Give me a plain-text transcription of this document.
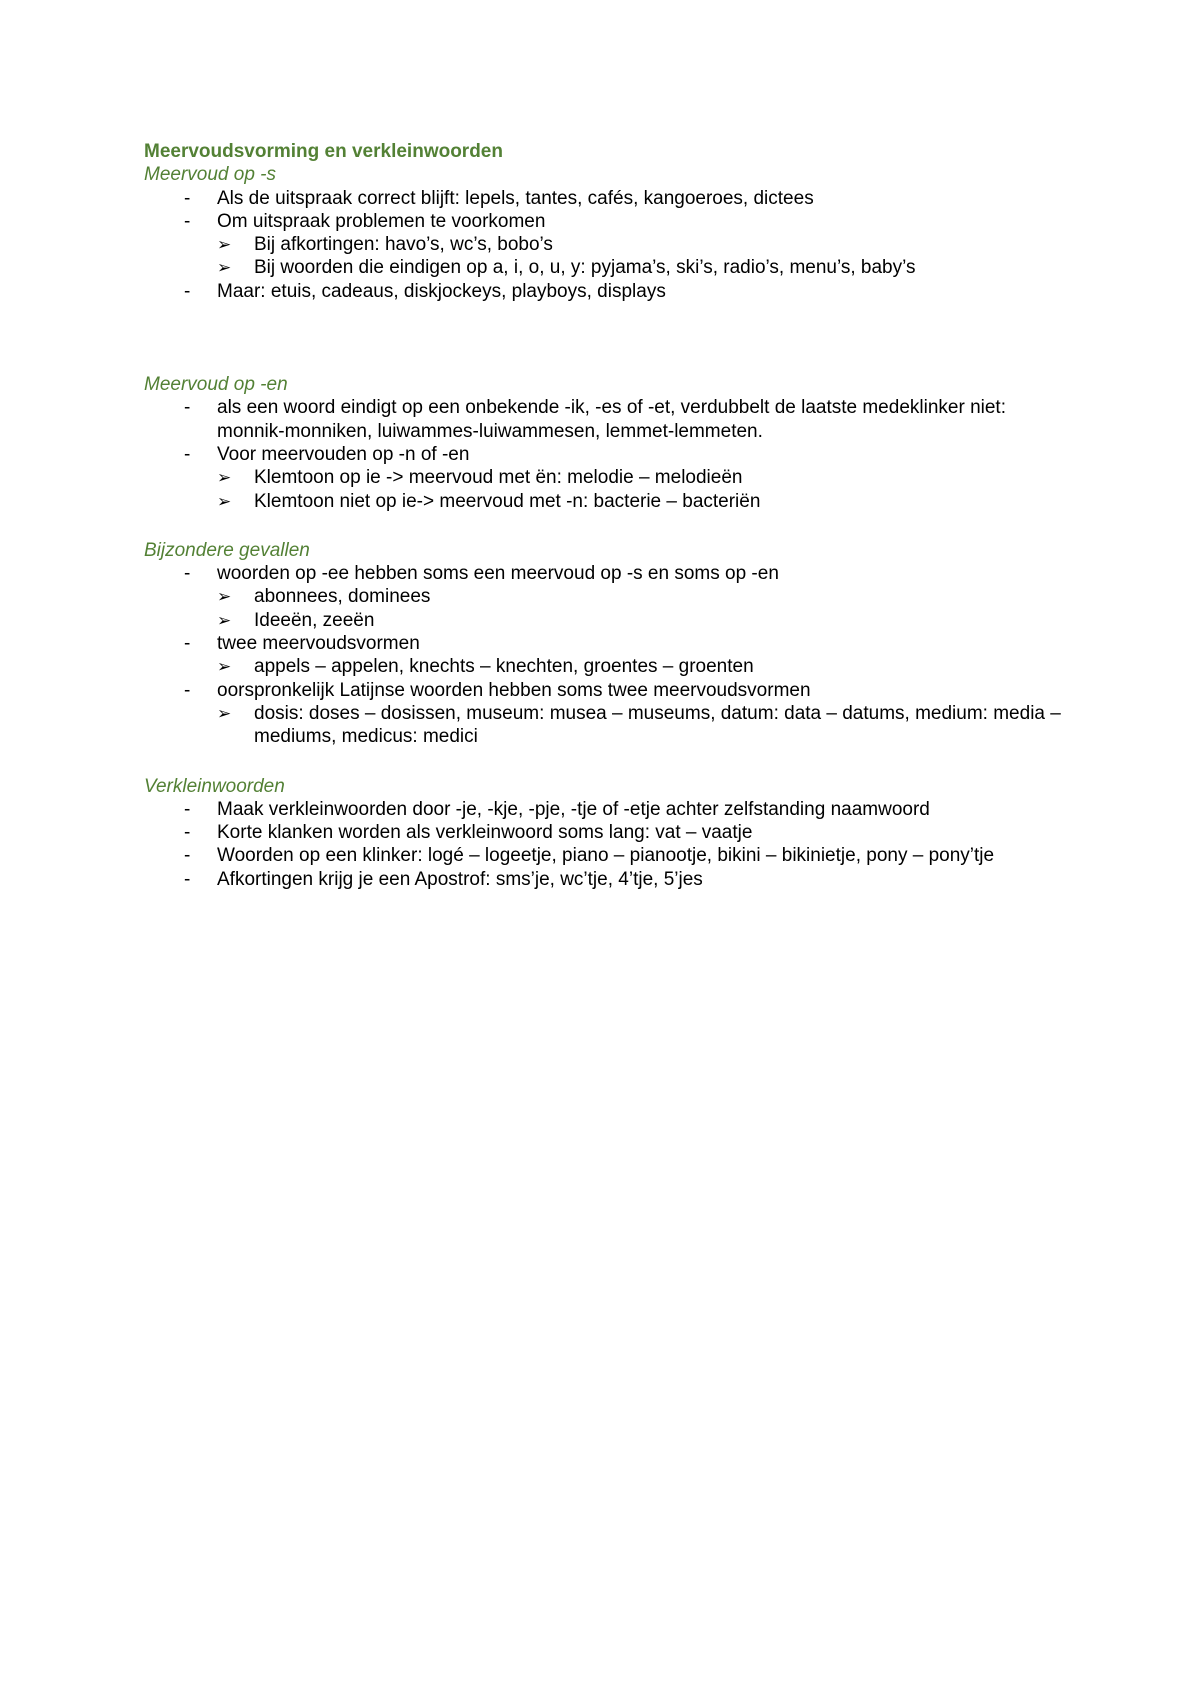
Meervoudsvorming en verkleinwoorden
Meervoud op -s
- Als de uitspraak correct blijft: lepels, tantes, cafés, kangoeroes, dictees
- Om uitspraak problemen te voorkomen
➢	Bij afkortingen: havo’s, wc’s, bobo’s
➢	Bij woorden die eindigen op a, i, o, u, y: pyjama’s, ski’s, radio’s, menu’s, baby’s
- Maar: etuis, cadeaus, diskjockeys, playboys, displays
Meervoud op -en
- als een woord eindigt op een onbekende -ik, -es of -et, verdubbelt de laatste medeklinker niet: monnik-monniken, luiwammes-luiwammesen, lemmet-lemmeten.
- Voor meervouden op -n of -en
➢	Klemtoon op ie -> meervoud met ën: melodie – melodieën
➢	Klemtoon niet op ie-> meervoud met -n: bacterie – bacteriën
Bijzondere gevallen
- woorden op -ee hebben soms een meervoud op -s en soms op -en
➢	abonnees, dominees
➢	Ideeën, zeeën
- twee meervoudsvormen
➢	appels – appelen, knechts – knechten, groentes – groenten
- oorspronkelijk Latijnse woorden hebben soms twee meervoudsvormen
➢	dosis: doses – dosissen, museum: musea – museums, datum: data – datums, medium: media – mediums, medicus: medici
Verkleinwoorden
- Maak verkleinwoorden door -je, -kje, -pje, -tje of -etje achter zelfstanding naamwoord
- Korte klanken worden als verkleinwoord soms lang: vat – vaatje
- Woorden op een klinker: logé – logeetje, piano – pianootje, bikini – bikinietje, pony – pony’tje
- Afkortingen krijg je een Apostrof: sms’je, wc’tje, 4’tje, 5’jes
